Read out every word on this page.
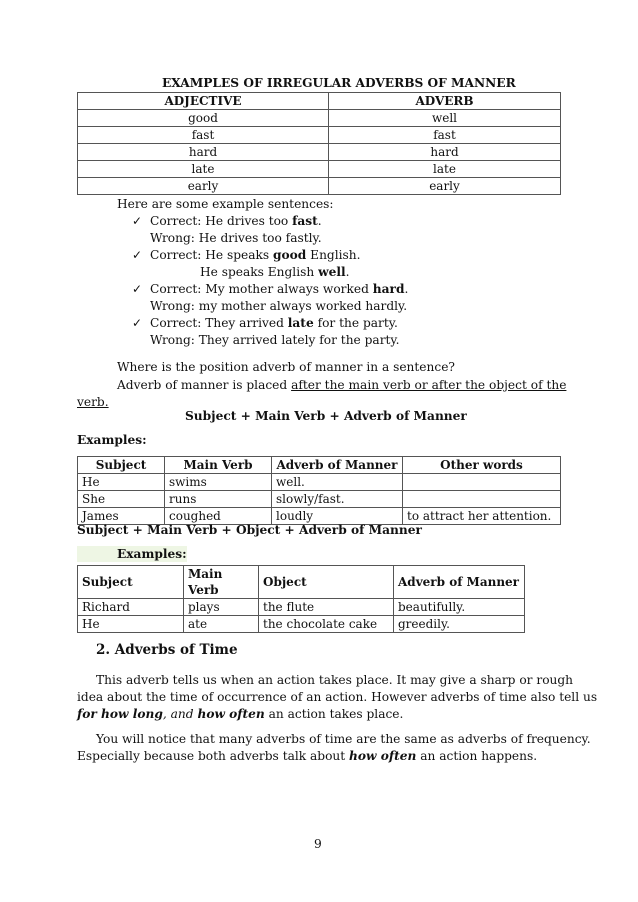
EXAMPLES OF IRREGULAR ADVERBS OF MANNER
ADJECTIVE	ADVERB
good	well
fast	fast
hard	hard
late	late
early	early
Here are some example sentences:
✓ Correct: He drives too fast.
Wrong: He drives too fastly.
✓ Correct: He speaks good English.
He speaks English well.
✓ Correct: My mother always worked hard.
Wrong: my mother always worked hardly.
✓ Correct: They arrived late for the party.
Wrong: They arrived lately for the party.
Where is the position adverb of manner in a sentence?
Adverb of manner is placed after the main verb or after the object of the
verb.
Subject + Main Verb + Adverb of Manner
Examples:
Subject	Main Verb	Adverb of Manner	Other words
He	swims	well.	
She	runs	slowly/fast.	
James	coughed	loudly	to attract her attention.
Subject + Main Verb + Object + Adverb of Manner
Examples:
Subject	Main Verb	Object	Adverb of Manner
Richard	plays	the flute	beautifully.
He	ate	the chocolate cake	greedily.
2. Adverbs of Time
This adverb tells us when an action takes place. It may give a sharp or rough
idea about the time of occurrence of an action. However adverbs of time also tell us
for how long, and how often an action takes place.
You will notice that many adverbs of time are the same as adverbs of frequency.
Especially because both adverbs talk about how often an action happens.
9
